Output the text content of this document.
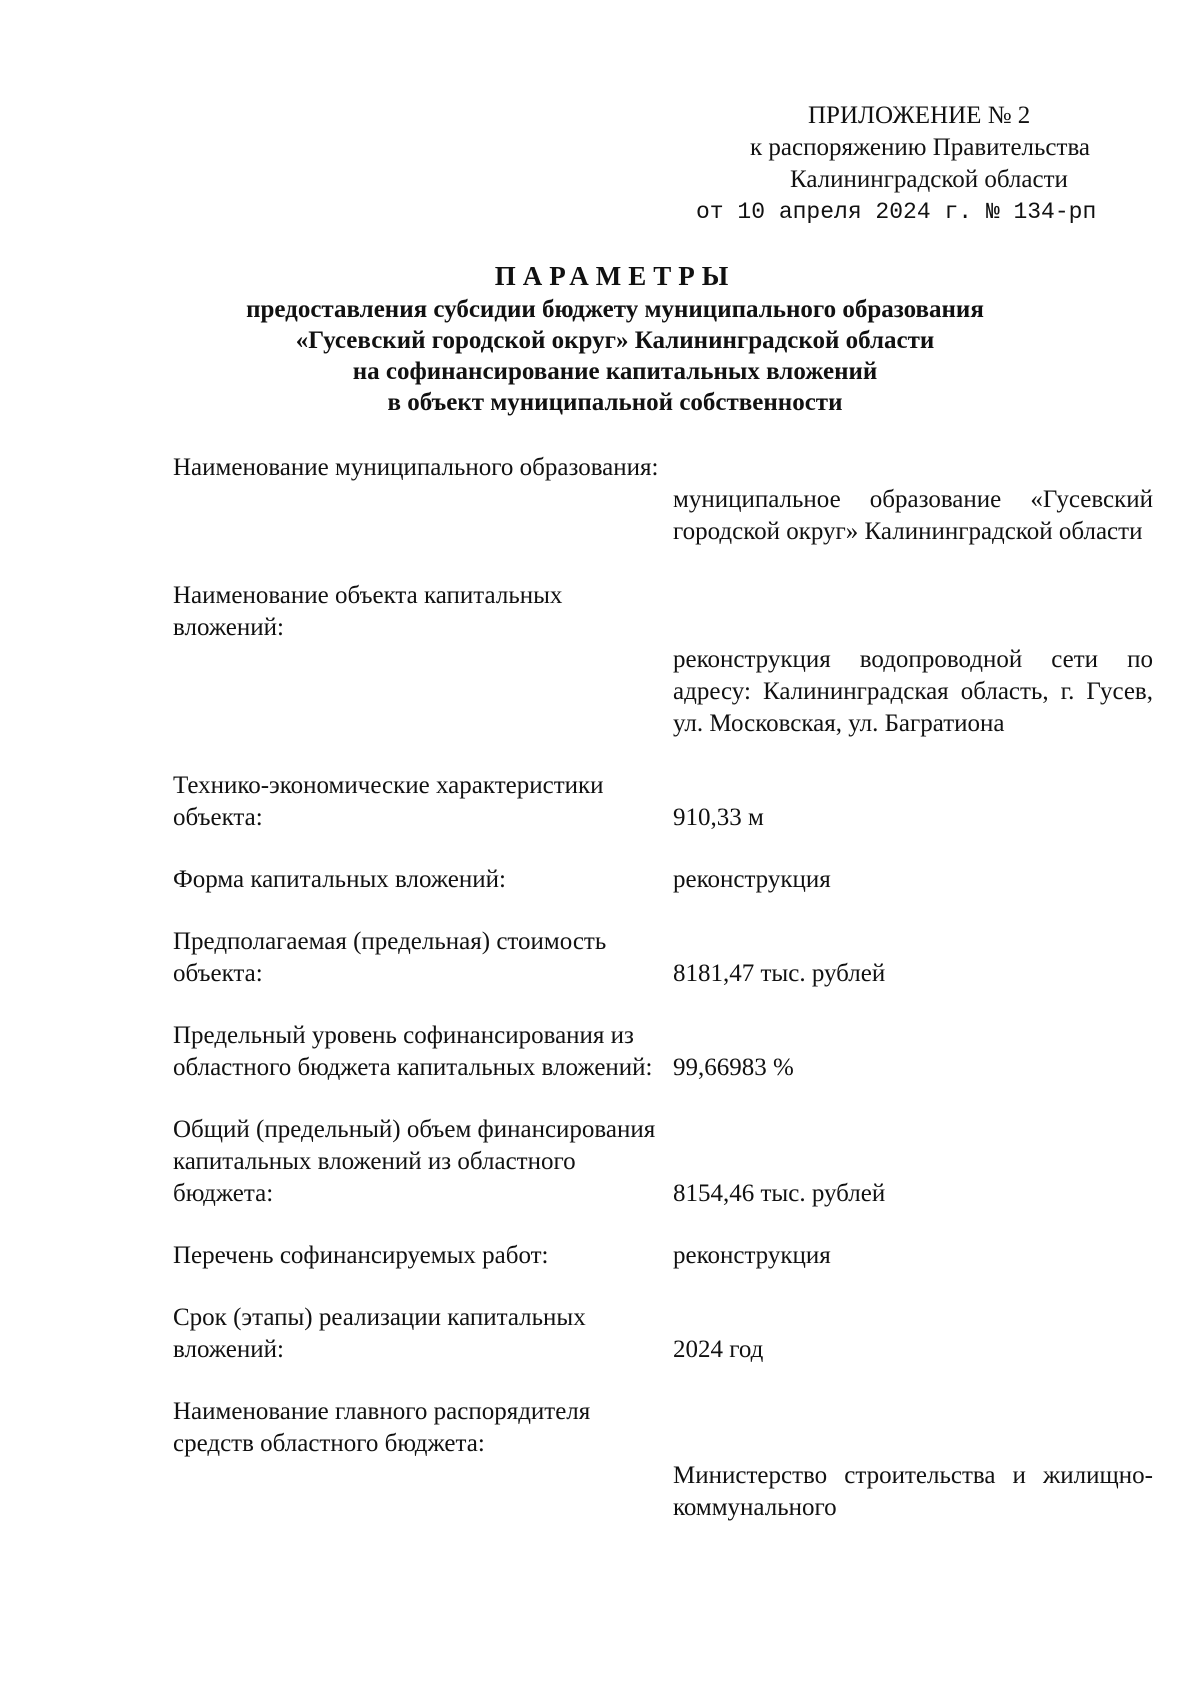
ПРИЛОЖЕНИЕ № 2
к распоряжению Правительства
Калининградской области
от 10 апреля 2024 г. № 134-рп
ПАРАМЕТРЫ
предоставления субсидии бюджету муниципального образования
«Гусевский городской округ» Калининградской области
на софинансирование капитальных вложений
в объект муниципальной собственности
Наименование муниципального образования:
муниципальное образование «Гусевский городской округ» Калининградской области
Наименование объекта капитальных вложений:
реконструкция водопроводной сети по адресу: Калининградская область, г. Гусев, ул. Московская, ул. Багратиона
Технико-экономические характеристики объекта:	910,33 м
Форма капитальных вложений:	реконструкция
Предполагаемая (предельная) стоимость объекта:	8181,47 тыс. рублей
Предельный уровень софинансирования из областного бюджета капитальных вложений: 99,66983 %
Общий (предельный) объем финансирования капитальных вложений из областного бюджета:	8154,46 тыс. рублей
Перечень софинансируемых работ:	реконструкция
Срок (этапы) реализации капитальных вложений:	2024 год
Наименование главного распорядителя средств областного бюджета:
Министерство строительства и жилищно-коммунального
